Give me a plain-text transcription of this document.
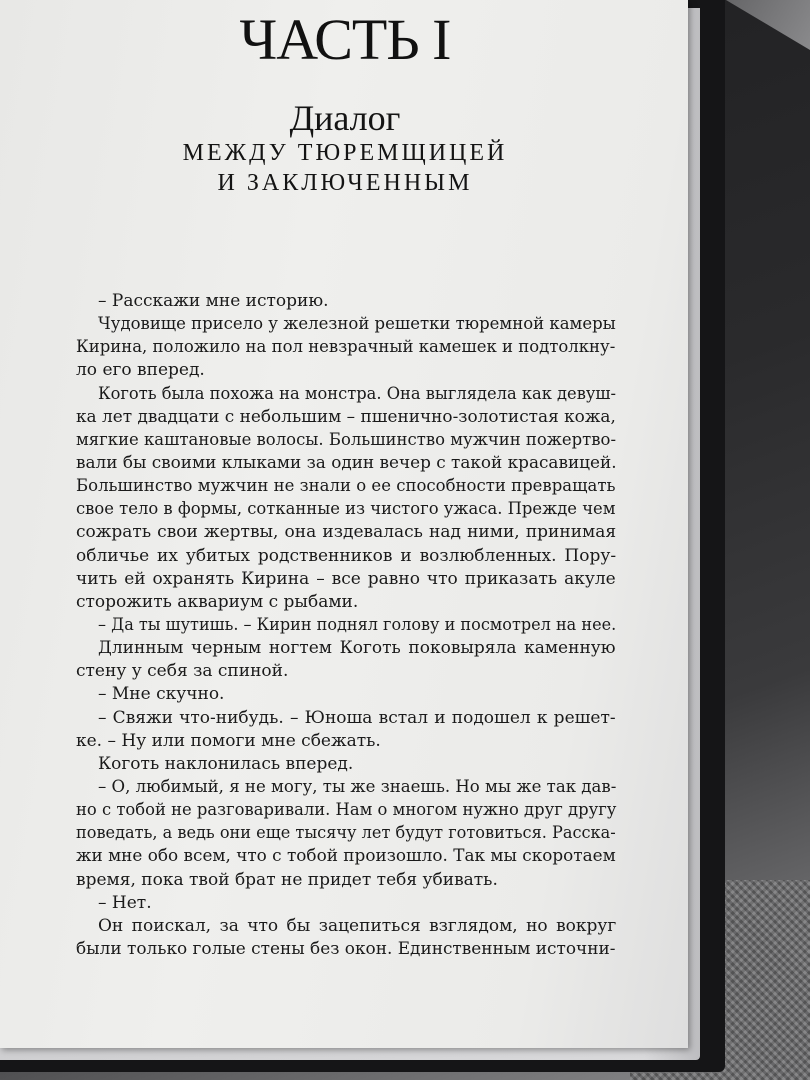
ЧАСТЬ I
Диалог
МЕЖДУ ТЮРЕМЩИЦЕЙ
И ЗАКЛЮЧЕННЫМ
– Расскажи мне историю.
Чудовище присело у железной решетки тюремной камеры
Кирина, положило на пол невзрачный камешек и подтолкну-
ло его вперед.
Коготь была похожа на монстра. Она выглядела как девуш-
ка лет двадцати с небольшим – пшенично-золотистая кожа,
мягкие каштановые волосы. Большинство мужчин пожертво-
вали бы своими клыками за один вечер с такой красавицей.
Большинство мужчин не знали о ее способности превращать
свое тело в формы, сотканные из чистого ужаса. Прежде чем
сожрать свои жертвы, она издевалась над ними, принимая
обличье их убитых родственников и возлюбленных. Пору-
чить ей охранять Кирина – все равно что приказать акуле
сторожить аквариум с рыбами.
– Да ты шутишь. – Кирин поднял голову и посмотрел на нее.
Длинным черным ногтем Коготь поковыряла каменную
стену у себя за спиной.
– Мне скучно.
– Свяжи что-нибудь. – Юноша встал и подошел к решет-
ке. – Ну или помоги мне сбежать.
Коготь наклонилась вперед.
– О, любимый, я не могу, ты же знаешь. Но мы же так дав-
но с тобой не разговаривали. Нам о многом нужно друг другу
поведать, а ведь они еще тысячу лет будут готовиться. Расска-
жи мне обо всем, что с тобой произошло. Так мы скоротаем
время, пока твой брат не придет тебя убивать.
– Нет.
Он поискал, за что бы зацепиться взглядом, но вокруг
были только голые стены без окон. Единственным источни-
